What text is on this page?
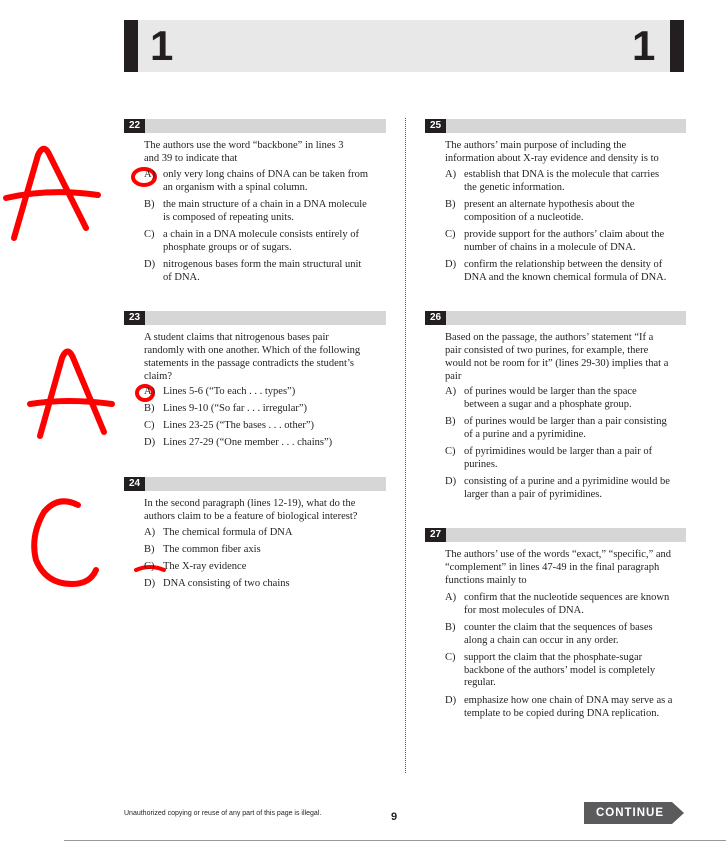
1	1
Unauthorized copying or reuse of any part of this page is illegal.	9	CONTINUE
22
The authors use the word “backbone” in lines 3
and 39 to indicate that
A) only very long chains of DNA can be taken from
an organism with a spinal column.
B) the main structure of a chain in a DNA molecule
is composed of repeating units.
C) a chain in a DNA molecule consists entirely of
phosphate groups or of sugars.
D) nitrogenous bases form the main structural unit
of DNA.
23
A student claims that nitrogenous bases pair
randomly with one another. Which of the following
statements in the passage contradicts the student’s
claim?
A) Lines 5-6 (“To each . . . types”)
B) Lines 9-10 (“So far . . . irregular”)
C) Lines 23-25 (“The bases . . . other”)
D) Lines 27-29 (“One member . . . chains”)
24
In the second paragraph (lines 12-19), what do the
authors claim to be a feature of biological interest?
A) The chemical formula of DNA
B) The common fiber axis
C) The X-ray evidence
D) DNA consisting of two chains
25
The authors’ main purpose of including the
information about X-ray evidence and density is to
A) establish that DNA is the molecule that carries
the genetic information.
B) present an alternate hypothesis about the
composition of a nucleotide.
C) provide support for the authors’ claim about the
number of chains in a molecule of DNA.
D) confirm the relationship between the density of
DNA and the known chemical formula of DNA.
26
Based on the passage, the authors’ statement “If a
pair consisted of two purines, for example, there
would not be room for it” (lines 29-30) implies that a
pair
A) of purines would be larger than the space
between a sugar and a phosphate group.
B) of purines would be larger than a pair consisting
of a purine and a pyrimidine.
C) of pyrimidines would be larger than a pair of
purines.
D) consisting of a purine and a pyrimidine would be
larger than a pair of pyrimidines.
27
The authors’ use of the words “exact,” “specific,” and
“complement” in lines 47-49 in the final paragraph
functions mainly to
A) confirm that the nucleotide sequences are known
for most molecules of DNA.
B) counter the claim that the sequences of bases
along a chain can occur in any order.
C) support the claim that the phosphate-sugar
backbone of the authors’ model is completely
regular.
D) emphasize how one chain of DNA may serve as a
template to be copied during DNA replication.
